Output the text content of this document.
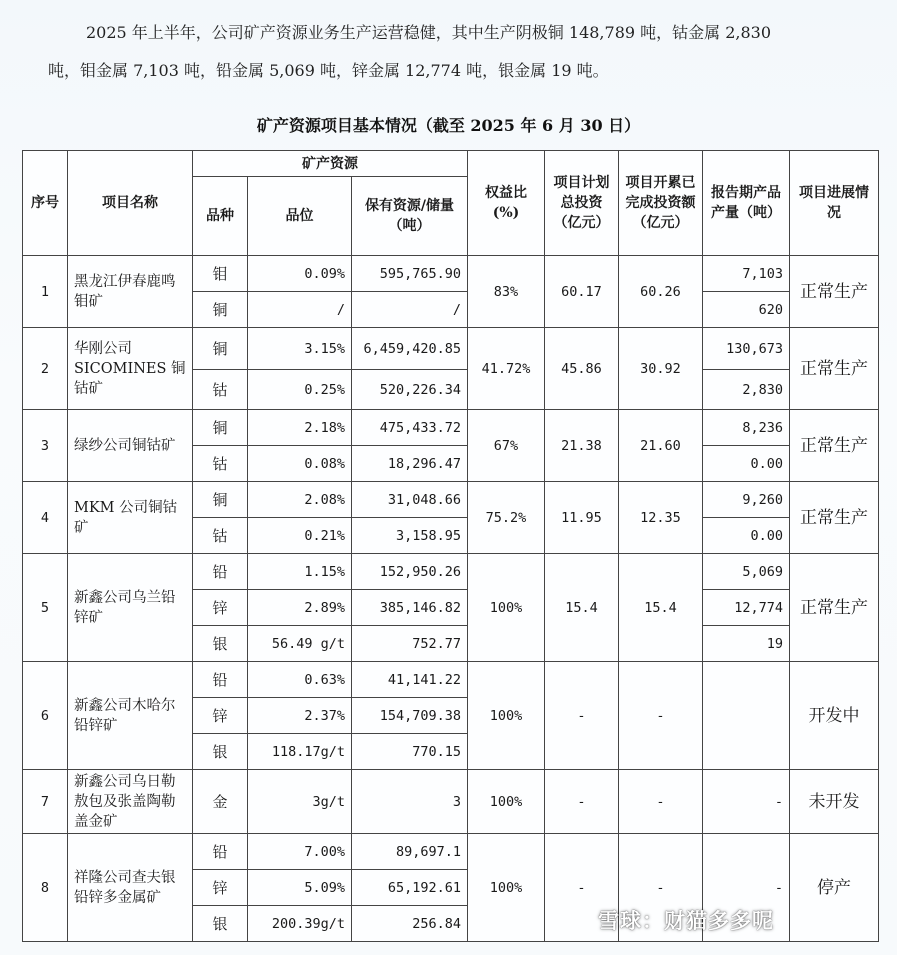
2025 年上半年，公司矿产资源业务生产运营稳健，其中生产阴极铜 148,789 吨，钴金属 2,830
吨，钼金属 7,103 吨，铅金属 5,069 吨，锌金属 12,774 吨，银金属 19 吨。
矿产资源项目基本情况（截至 2025 年 6 月 30 日）
序号	项目名称	矿产资源			权益比(%)	项目计划总投资（亿元）	项目开累已完成投资额（亿元）	报告期产品产量（吨）	项目进展情况
		品种	品位	保有资源/储量（吨）					
1	黑龙江伊春鹿鸣钼矿	钼	0.09%	595,765.90	83%	60.17	60.26	7,103	正常生产
		铜	/	/				620	
2	华刚公司 SICOMINES 铜钴矿	铜	3.15%	6,459,420.85	41.72%	45.86	30.92	130,673	正常生产
		钴	0.25%	520,226.34				2,830	
3	绿纱公司铜钴矿	铜	2.18%	475,433.72	67%	21.38	21.60	8,236	正常生产
		钴	0.08%	18,296.47				0.00	
4	MKM 公司铜钴矿	铜	2.08%	31,048.66	75.2%	11.95	12.35	9,260	正常生产
		钴	0.21%	3,158.95				0.00	
5	新鑫公司乌兰铅锌矿	铅	1.15%	152,950.26	100%	15.4	15.4	5,069	正常生产
		锌	2.89%	385,146.82				12,774	
		银	56.49 g/t	752.77				19	
6	新鑫公司木哈尔铅锌矿	铅	0.63%	41,141.22	100%	-	-		开发中
		锌	2.37%	154,709.38					
		银	118.17g/t	770.15					
7	新鑫公司乌日勒敖包及张盖陶勒盖金矿	金	3g/t	3	100%	-	-	-	未开发
8	祥隆公司查夫银铅锌多金属矿	铅	7.00%	89,697.1	100%	-	-	-	停产
		锌	5.09%	65,192.61					
		银	200.39g/t	256.84						雪球：财猫多多呢
